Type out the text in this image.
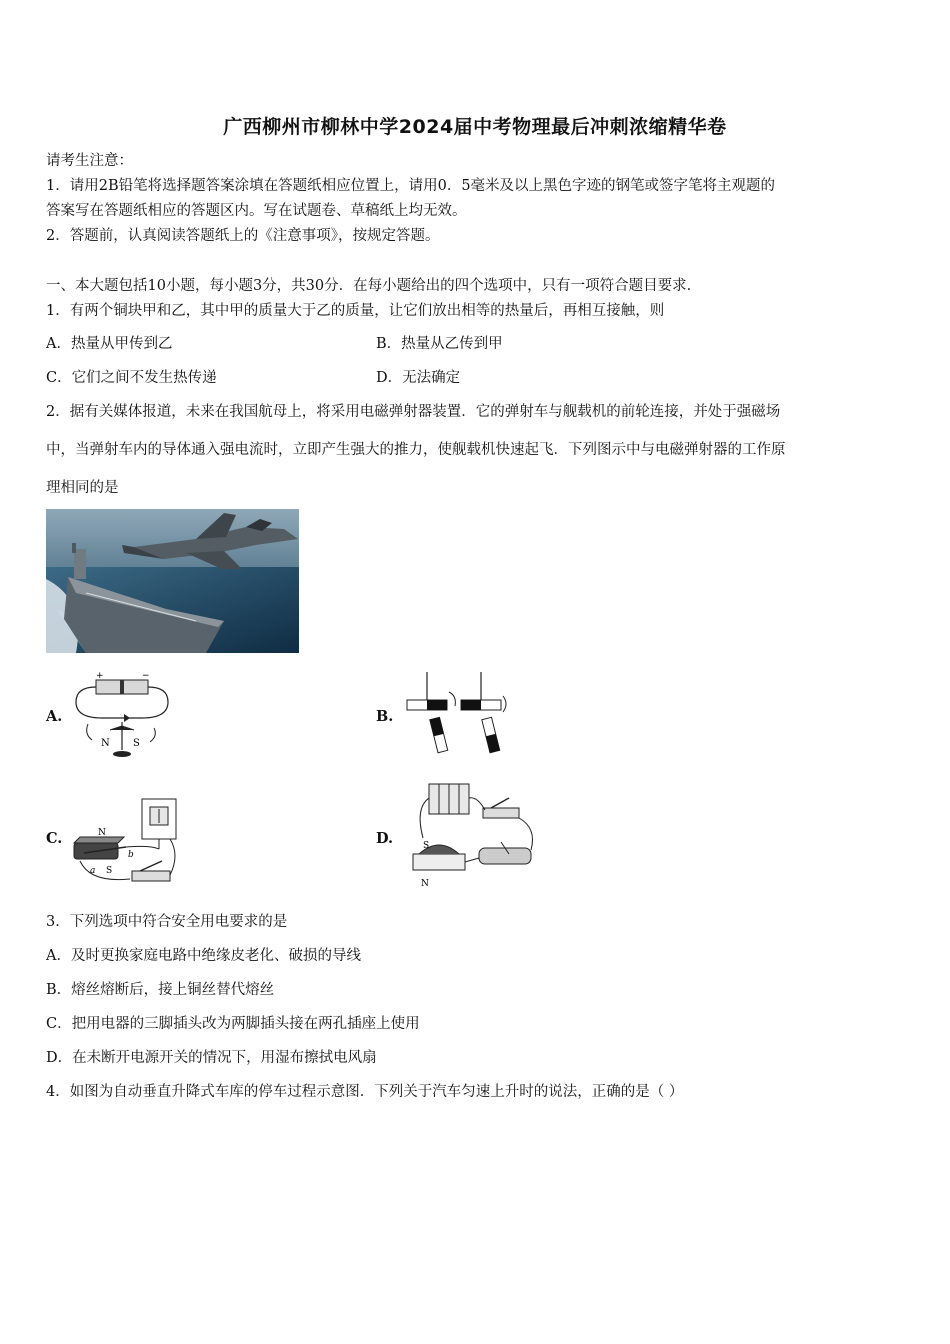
广西柳州市柳林中学2024届中考物理最后冲刺浓缩精华卷
请考生注意：
1．请用2B铅笔将选择题答案涂填在答题纸相应位置上，请用0．5毫米及以上黑色字迹的钢笔或签字笔将主观题的
答案写在答题纸相应的答题区内。写在试题卷、草稿纸上均无效。
2．答题前，认真阅读答题纸上的《注意事项》，按规定答题。
一、本大题包括10小题，每小题3分，共30分．在每小题给出的四个选项中，只有一项符合题目要求．
1．有两个铜块甲和乙，其中甲的质量大于乙的质量，让它们放出相等的热量后，再相互接触，则
A．热量从甲传到乙	B．热量从乙传到甲
C．它们之间不发生热传递	D．无法确定
2．据有关媒体报道，未来在我国航母上，将采用电磁弹射器装置．它的弹射车与舰载机的前轮连接，并处于强磁场
中，当弹射车内的导体通入强电流时，立即产生强大的推力，使舰载机快速起飞．下列图示中与电磁弹射器的工作原
理相同的是
A.
+	−
N S
B.
C.	N
S
a
b
D.	S
N
3．下列选项中符合安全用电要求的是
A．及时更换家庭电路中绝缘皮老化、破损的导线
B．熔丝熔断后，接上铜丝替代熔丝
C．把用电器的三脚插头改为两脚插头接在两孔插座上使用
D．在未断开电源开关的情况下，用湿布擦拭电风扇
4．如图为自动垂直升降式车库的停车过程示意图．下列关于汽车匀速上升时的说法，正确的是（ ）
